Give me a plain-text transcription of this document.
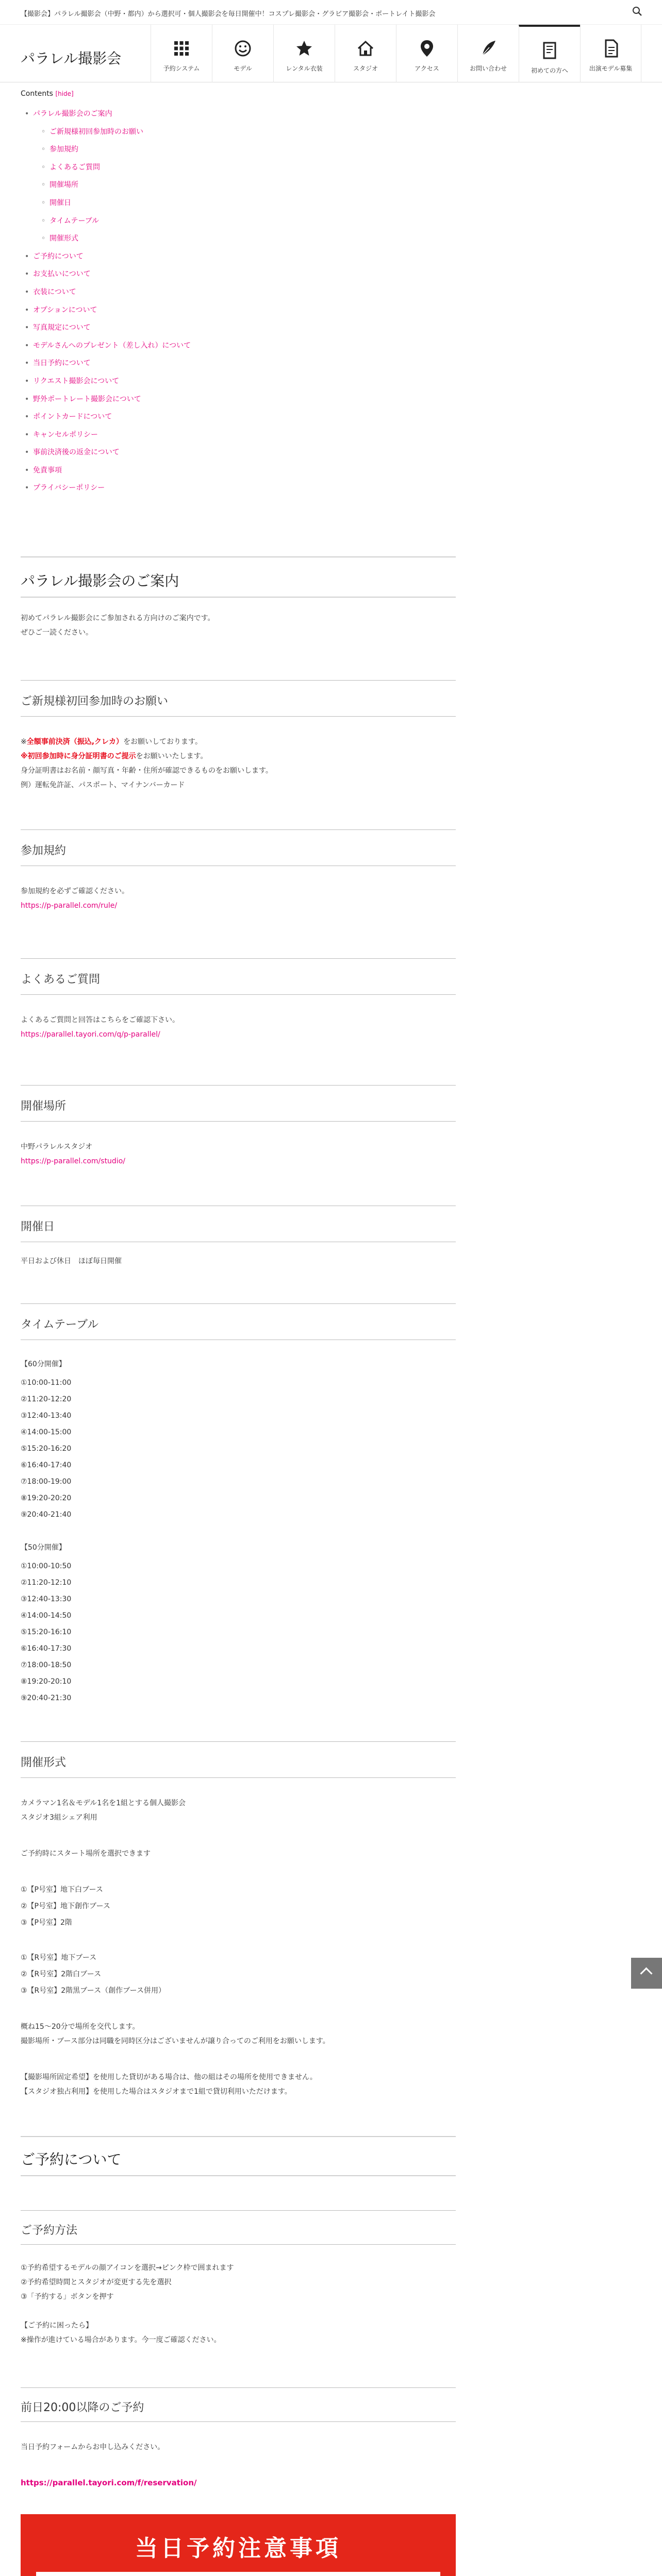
【撮影会】パラレル撮影会（中野・都内）から選択可・個人撮影会を毎日開催中！コスプレ撮影会・グラビア撮影会・ポートレイト撮影会
パラレル撮影会
予約システム	モデル	レンタル衣装	スタジオ	アクセス	お問い合わせ	初めての方へ	出演モデル募集
Contents [hide]
• パラレル撮影会のご案内
◦ ご新規様初回参加時のお願い
◦ 参加規約
◦ よくあるご質問
◦ 開催場所
◦ 開催日
◦ タイムテーブル
◦ 開催形式
• ご予約について
• お支払いについて
• 衣装について
• オプションについて
• 写真規定について
• モデルさんへのプレゼント（差し入れ）について
• 当日予約について
• リクエスト撮影会について
• 野外ポートレート撮影会について
• ポイントカードについて
• キャンセルポリシー
• 事前決済後の返金について
• 免責事項
• プライバシーポリシー
パラレル撮影会のご案内
初めてパラレル撮影会にご参加される方向けのご案内です。
ぜひご一読ください。
ご新規様初回参加時のお願い
※全額事前決済（振込,クレカ）をお願いしております。
※初回参加時に身分証明書のご提示をお願いいたします。
身分証明書はお名前・顔写真・年齢・住所が確認できるものをお願いします。
例）運転免許証、パスポート、マイナンバーカード
参加規約
参加規約を必ずご確認ください。
https://p-parallel.com/rule/
よくあるご質問
よくあるご質問と回答はこちらをご確認下さい。
https://parallel.tayori.com/q/p-parallel/
開催場所
中野パラレルスタジオ
https://p-parallel.com/studio/
開催日
平日および休日　ほぼ毎日開催
タイムテーブル
【60分開催】
①10:00-11:00
②11:20-12:20
③12:40-13:40
④14:00-15:00
⑤15:20-16:20
⑥16:40-17:40
⑦18:00-19:00
⑧19:20-20:20
⑨20:40-21:40
【50分開催】
①10:00-10:50
②11:20-12:10
③12:40-13:30
④14:00-14:50
⑤15:20-16:10
⑥16:40-17:30
⑦18:00-18:50
⑧19:20-20:10
⑨20:40-21:30
開催形式
カメラマン1名＆モデル1名を1組とする個人撮影会
スタジオ3組シェア利用
ご予約時にスタート場所を選択できます
①【P号室】地下白ブース
②【P号室】地下創作ブース
③【P号室】2階
①【R号室】地下ブース
②【R号室】2階白ブース
③【R号室】2階黒ブース（創作ブース併用）
概ね15〜20分で場所を交代します。
撮影場所・ブース部分は同職を同時区分はございませんが譲り合ってのご利用をお願いします。
【撮影場所固定希望】を使用した貸切がある場合は、他の組はその場所を使用できません。
【スタジオ独占利用】を使用した場合はスタジオまで1組で貸切利用いただけます。
ご予約について
ご予約方法
①予約希望するモデルの顔アイコンを選択→ピンク枠で囲まれます
②予約希望時間とスタジオが変更する先を選択
③「予約する」ボタンを押す
【ご予約に困ったら】
※操作が進けている場合があります。今一度ご確認ください。
前日20:00以降のご予約
当日予約フォームからお申し込みください。
https://parallel.tayori.com/f/reservation/
当日予約注意事項
